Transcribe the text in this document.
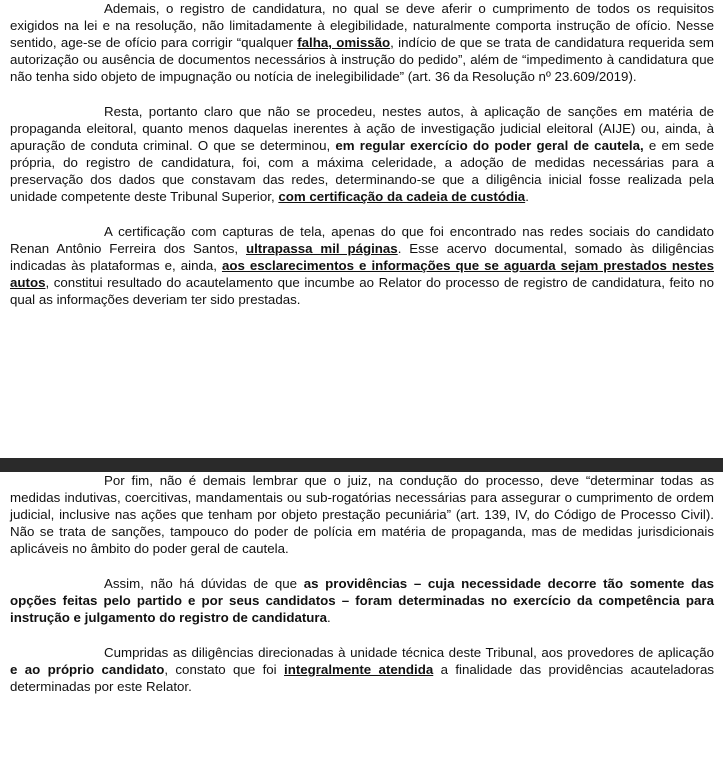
Ademais, o registro de candidatura, no qual se deve aferir o cumprimento de todos os requisitos exigidos na lei e na resolução, não limitadamente à elegibilidade, naturalmente comporta instrução de ofício. Nesse sentido, age-se de ofício para corrigir “qualquer falha, omissão, indício de que se trata de candidatura requerida sem autorização ou ausência de documentos necessários à instrução do pedido”, além de “impedimento à candidatura que não tenha sido objeto de impugnação ou notícia de inelegibilidade” (art. 36 da Resolução nº 23.609/2019).

Resta, portanto claro que não se procedeu, nestes autos, à aplicação de sanções em matéria de propaganda eleitoral, quanto menos daquelas inerentes à ação de investigação judicial eleitoral (AIJE) ou, ainda, à apuração de conduta criminal. O que se determinou, em regular exercício do poder geral de cautela, e em sede própria, do registro de candidatura, foi, com a máxima celeridade, a adoção de medidas necessárias para a preservação dos dados que constavam das redes, determinando-se que a diligência inicial fosse realizada pela unidade competente deste Tribunal Superior, com certificação da cadeia de custódia.

A certificação com capturas de tela, apenas do que foi encontrado nas redes sociais do candidato Renan Antônio Ferreira dos Santos, ultrapassa mil páginas. Esse acervo documental, somado às diligências indicadas às plataformas e, ainda, aos esclarecimentos e informações que se aguarda sejam prestados nestes autos, constitui resultado do acautelamento que incumbe ao Relator do processo de registro de candidatura, feito no qual as informações deveriam ter sido prestadas.

Por fim, não é demais lembrar que o juiz, na condução do processo, deve “determinar todas as medidas indutivas, coercitivas, mandamentais ou sub-rogatórias necessárias para assegurar o cumprimento de ordem judicial, inclusive nas ações que tenham por objeto prestação pecuniária” (art. 139, IV, do Código de Processo Civil). Não se trata de sanções, tampouco do poder de polícia em matéria de propaganda, mas de medidas jurisdicionais aplicáveis no âmbito do poder geral de cautela.

Assim, não há dúvidas de que as providências – cuja necessidade decorre tão somente das opções feitas pelo partido e por seus candidatos – foram determinadas no exercício da competência para instrução e julgamento do registro de candidatura.

Cumpridas as diligências direcionadas à unidade técnica deste Tribunal, aos provedores de aplicação e ao próprio candidato, constato que foi integralmente atendida a finalidade das providências acauteladoras determinadas por este Relator.
